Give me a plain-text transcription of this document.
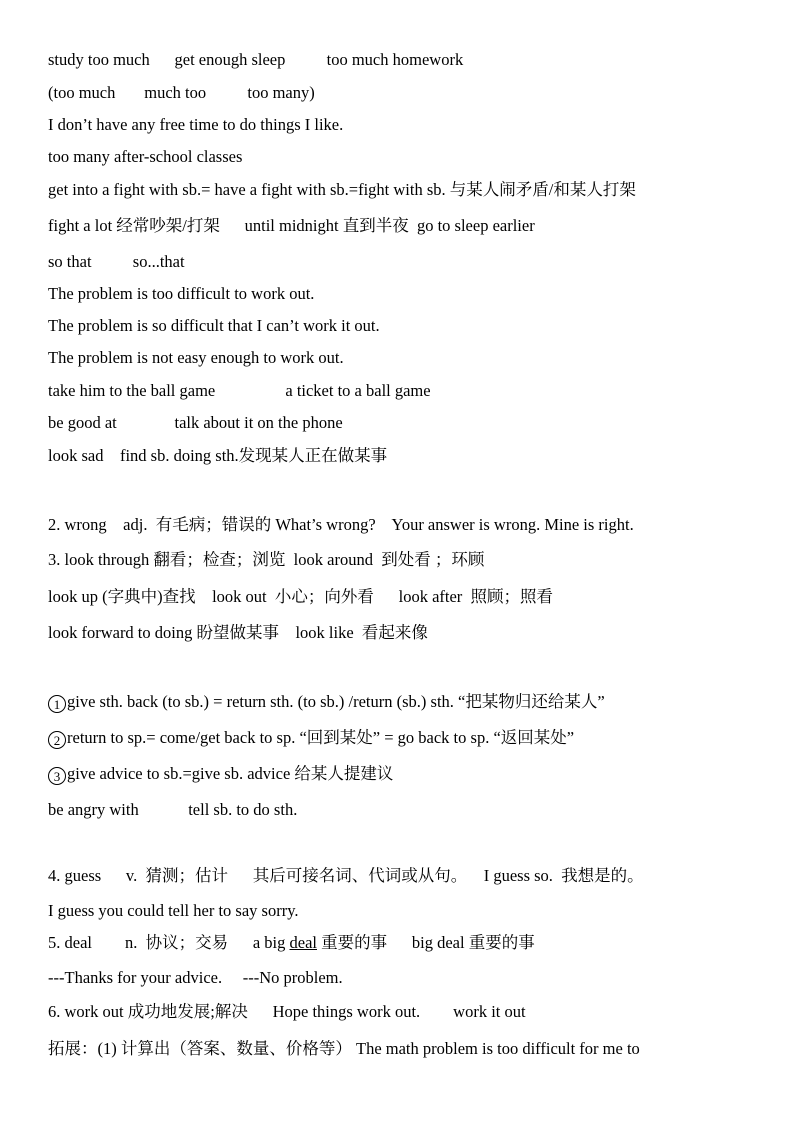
study too much      get enough sleep          too much homework
(too much       much too          too many)
I don’t have any free time to do things I like.
too many after-school classes
get into a fight with sb.= have a fight with sb.=fight with sb. 与某人闹矛盾/和某人打架
fight a lot 经常吵架/打架      until midnight 直到半夜  go to sleep earlier
so that          so...that
The problem is too difficult to work out.
The problem is so difficult that I can’t work it out.
The problem is not easy enough to work out.
take him to the ball game                 a ticket to a ball game
be good at              talk about it on the phone
look sad    find sb. doing sth.发现某人正在做某事
2. wrong    adj.  有毛病；错误的 What’s wrong?    Your answer is wrong. Mine is right.
3. look through 翻看；检查；浏览  look around  到处看 ；环顾
look up (字典中)查找    look out  小心；向外看      look after  照顾；照看
look forward to doing 盼望做某事    look like  看起来像
1 give sth. back (to sb.) = return sth. (to sb.) /return (sb.) sth. “把某物归还给某人”
2 return to sp.= come/get back to sp. “回到某处” = go back to sp. “返回某处”
3 give advice to sb.=give sb. advice 给某人提建议
be angry with            tell sb. to do sth.
4. guess      v.  猜测；估计      其后可接名词、代词或从句。    I guess so.  我想是的。
I guess you could tell her to say sorry.
5. deal        n.  协议；交易      a big deal 重要的事      big deal 重要的事
---Thanks for your advice.     ---No problem.
6. work out 成功地发展;解决      Hope things work out.        work it out
拓展：(1) 计算出（答案、数量、价格等） The math problem is too difficult for me to
